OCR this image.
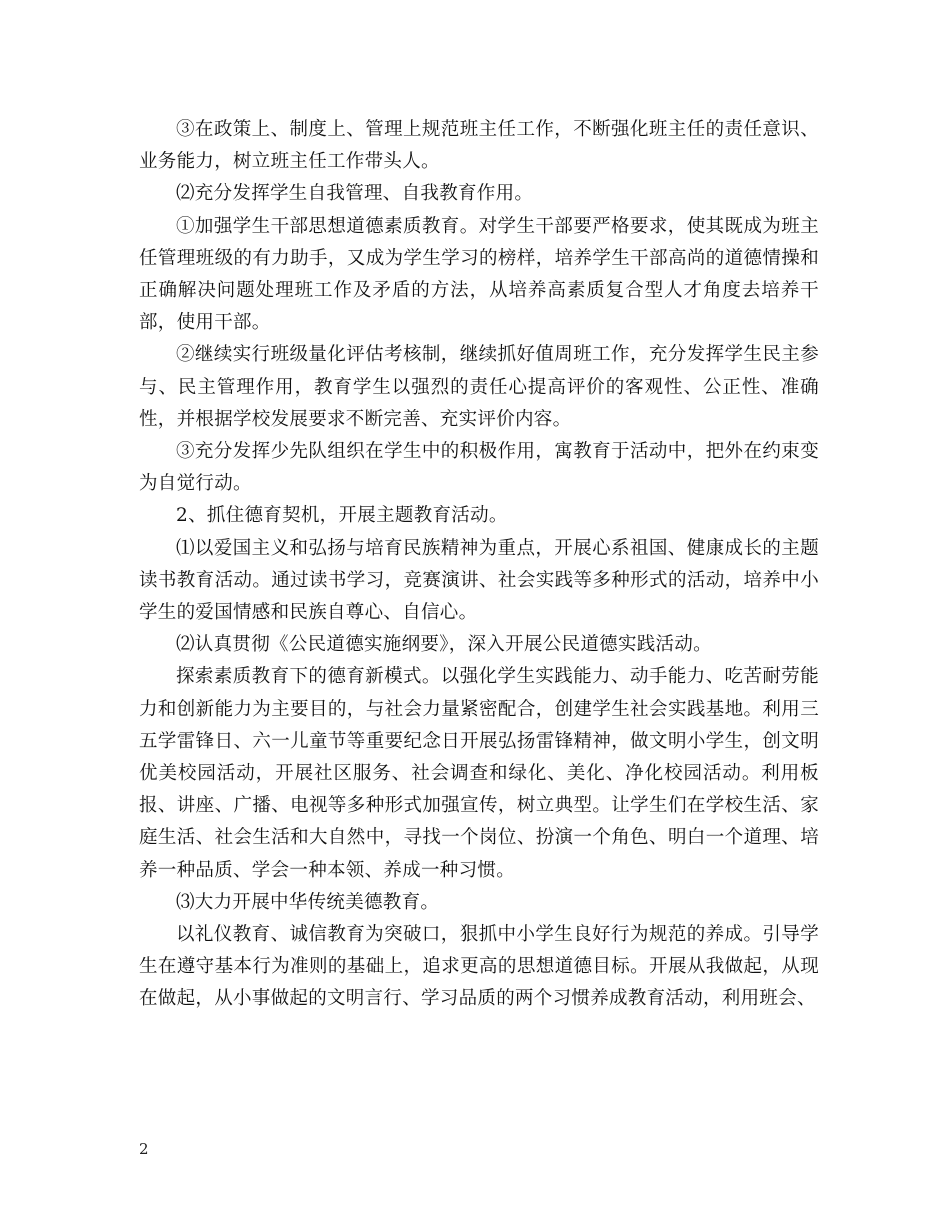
③在政策上、制度上、管理上规范班主任工作，不断强化班主任的责任意识、业务能力，树立班主任工作带头人。

⑵充分发挥学生自我管理、自我教育作用。

①加强学生干部思想道德素质教育。对学生干部要严格要求，使其既成为班主任管理班级的有力助手，又成为学生学习的榜样，培养学生干部高尚的道德情操和正确解决问题处理班工作及矛盾的方法，从培养高素质复合型人才角度去培养干部，使用干部。

②继续实行班级量化评估考核制，继续抓好值周班工作，充分发挥学生民主参与、民主管理作用，教育学生以强烈的责任心提高评价的客观性、公正性、准确性，并根据学校发展要求不断完善、充实评价内容。

③充分发挥少先队组织在学生中的积极作用，寓教育于活动中，把外在约束变为自觉行动。

2、抓住德育契机，开展主题教育活动。

⑴以爱国主义和弘扬与培育民族精神为重点，开展心系祖国、健康成长的主题读书教育活动。通过读书学习，竞赛演讲、社会实践等多种形式的活动，培养中小学生的爱国情感和民族自尊心、自信心。

⑵认真贯彻《公民道德实施纲要》，深入开展公民道德实践活动。

探索素质教育下的德育新模式。以强化学生实践能力、动手能力、吃苦耐劳能力和创新能力为主要目的，与社会力量紧密配合，创建学生社会实践基地。利用三五学雷锋日、六一儿童节等重要纪念日开展弘扬雷锋精神，做文明小学生，创文明优美校园活动，开展社区服务、社会调查和绿化、美化、净化校园活动。利用板报、讲座、广播、电视等多种形式加强宣传，树立典型。让学生们在学校生活、家庭生活、社会生活和大自然中，寻找一个岗位、扮演一个角色、明白一个道理、培养一种品质、学会一种本领、养成一种习惯。

⑶大力开展中华传统美德教育。

以礼仪教育、诚信教育为突破口，狠抓中小学生良好行为规范的养成。引导学生在遵守基本行为准则的基础上，追求更高的思想道德目标。开展从我做起，从现在做起，从小事做起的文明言行、学习品质的两个习惯养成教育活动，利用班会、

2
